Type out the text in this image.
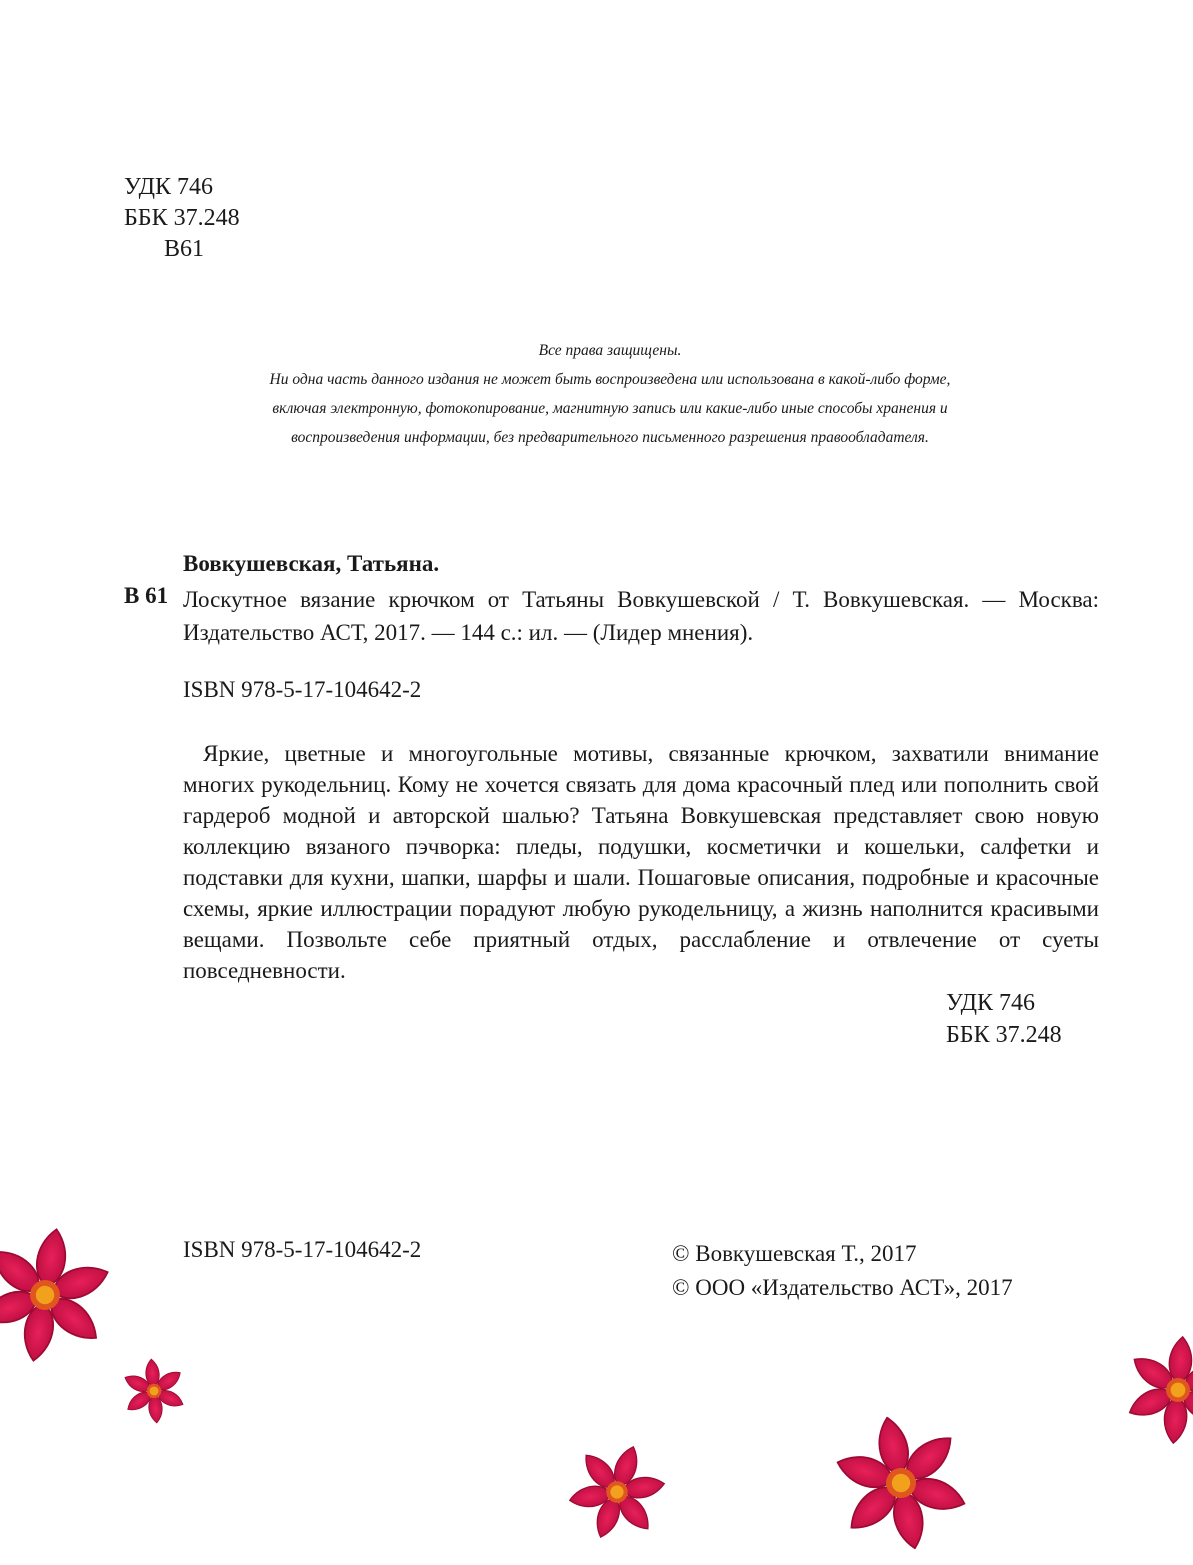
УДК 746
ББК 37.248
В61
Все права защищены.
Ни одна часть данного издания не может быть воспроизведена или использована в какой-либо форме,
включая электронную, фотокопирование, магнитную запись или какие-либо иные способы хранения и
воспроизведения информации, без предварительного письменного разрешения правообладателя.
Вовкушевская, Татьяна.
В 61 Лоскутное вязание крючком от Татьяны Вовкушевской / Т. Вовкушевская. — Москва: Издательство АСТ, 2017. — 144 с.: ил. — (Лидер мнения).
ISBN 978-5-17-104642-2
Яркие, цветные и многоугольные мотивы, связанные крючком, захватили внимание многих рукодельниц. Кому не хочется связать для дома красочный плед или пополнить свой гардероб модной и авторской шалью? Татьяна Вовкушевская представляет свою новую коллекцию вязаного пэчворка: пледы, подушки, косметички и кошельки, салфетки и подставки для кухни, шапки, шарфы и шали. Пошаговые описания, подробные и красочные схемы, яркие иллюстрации порадуют любую рукодельницу, а жизнь наполнится красивыми вещами. Позвольте себе приятный отдых, расслабление и отвлечение от суеты повседневности.
УДК 746
ББК 37.248
ISBN 978-5-17-104642-2	© Вовкушевская Т., 2017
© ООО «Издательство АСТ», 2017
